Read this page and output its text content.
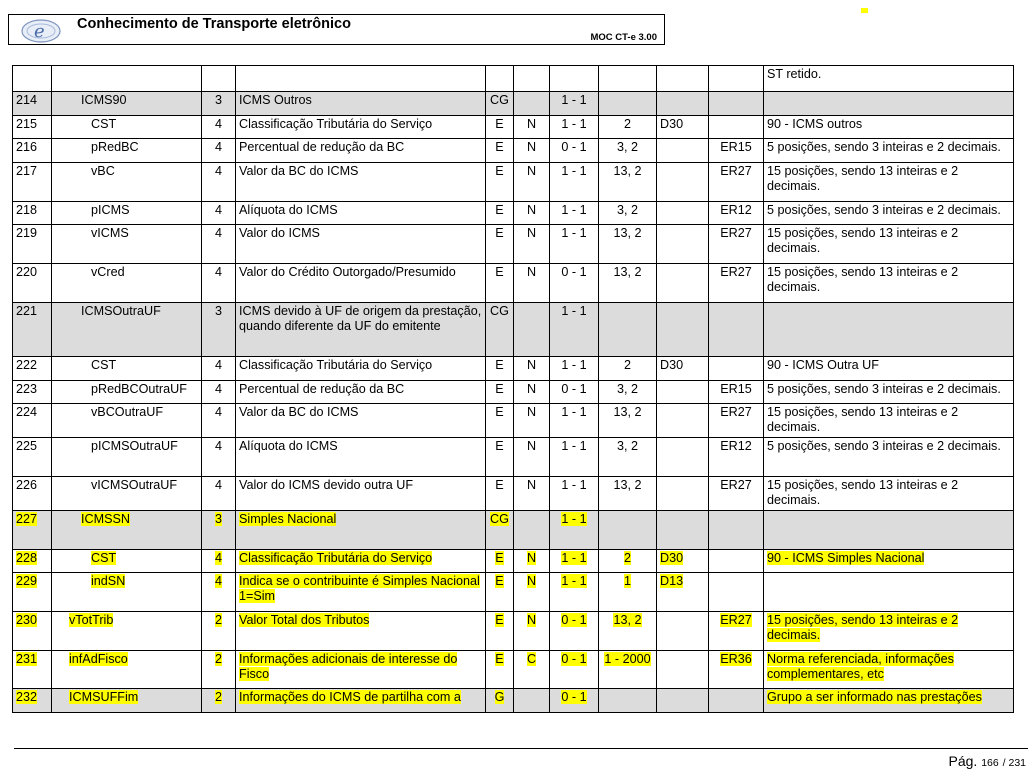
e Conhecimento de Transporte eletrônico
MOC CT-e 3.00
										ST retido.
214	ICMS90	3	ICMS Outros	CG		1 - 1				
215	CST	4	Classificação Tributária do Serviço	E	N	1 - 1	2	D30		90 - ICMS outros
216	pRedBC	4	Percentual de redução da BC	E	N	0 - 1	3, 2		ER15	5 posições, sendo 3 inteiras e 2 decimais.
217	vBC	4	Valor da BC do ICMS	E	N	1 - 1	13, 2		ER27	15 posições, sendo 13 inteiras e 2 decimais.
218	pICMS	4	Alíquota do ICMS	E	N	1 - 1	3, 2		ER12	5 posições, sendo 3 inteiras e 2 decimais.
219	vICMS	4	Valor do ICMS	E	N	1 - 1	13, 2		ER27	15 posições, sendo 13 inteiras e 2 decimais.
220	vCred	4	Valor do Crédito Outorgado/Presumido	E	N	0 - 1	13, 2		ER27	15 posições, sendo 13 inteiras e 2 decimais.
221	ICMSOutraUF	3	ICMS devido à UF de origem da prestação, quando diferente da UF do emitente	CG		1 - 1				
222	CST	4	Classificação Tributária do Serviço	E	N	1 - 1	2	D30		90 - ICMS Outra UF
223	pRedBCOutraUF	4	Percentual de redução da BC	E	N	0 - 1	3, 2		ER15	5 posições, sendo 3 inteiras e 2 decimais.
224	vBCOutraUF	4	Valor da BC do ICMS	E	N	1 - 1	13, 2		ER27	15 posições, sendo 13 inteiras e 2 decimais.
225	pICMSOutraUF	4	Alíquota do ICMS	E	N	1 - 1	3, 2		ER12	5 posições, sendo 3 inteiras e 2 decimais.
226	vICMSOutraUF	4	Valor do ICMS devido outra UF	E	N	1 - 1	13, 2		ER27	15 posições, sendo 13 inteiras e 2 decimais.
227	ICMSSN	3	Simples Nacional	CG		1 - 1				
228	CST	4	Classificação Tributária do Serviço	E	N	1 - 1	2	D30		90 - ICMS Simples Nacional
229	indSN	4	Indica se o contribuinte é Simples Nacional 1=Sim	E	N	1 - 1	1	D13		
230	vTotTrib	2	Valor Total dos Tributos	E	N	0 - 1	13, 2		ER27	15 posições, sendo 13 inteiras e 2 decimais.
231	infAdFisco	2	Informações adicionais de interesse do Fisco	E	C	0 - 1	1 - 2000		ER36	Norma referenciada, informações complementares, etc
232	ICMSUFFim	2	Informações do ICMS de partilha com a	G		0 - 1				Grupo a ser informado nas prestações
Pág. 166 / 231
